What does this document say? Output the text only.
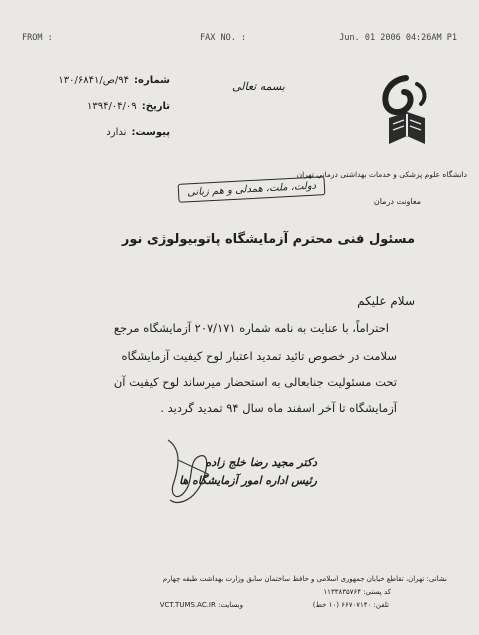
FROM :	FAX NO. :	Jun. 01 2006 04:26AM P1
شماره: ۹۴/ص/۱۳۰/۶۸۴۱
تاریخ: ۱۳۹۴/۰۴/۰۹
پیوست: ندارد
بسمه تعالی
دانشگاه علوم پزشکی و خدمات بهداشتی درمانی تهران
معاونت درمان
دولت، ملت، همدلی و هم زبانی
مسئول فنی محترم آزمایشگاه پاتوبیولوژی نور
سلام علیکم
احتراماً، با عنایت به نامه شماره ۲۰۷/۱۷۱ آزمایشگاه مرجع
سلامت در خصوص تائید تمدید اعتبار لوح کیفیت آزمایشگاه
تحت مسئولیت جنابعالی به استحضار میرساند لوح کیفیت آن
آزمایشگاه تا آخر اسفند ماه سال ۹۴ تمدید گردید .
دکتر مجید رضا خلج زاده
رئیس اداره امور آزمایشگاه ها
نشانی: تهران، تقاطع خیابان جمهوری اسلامی و حافظ ساختمان سابق وزارت بهداشت طبقه چهارم
کد پستی: ۱۱۳۳۸۳۵۷۶۴
تلفن: ۶۶۷۰۷۱۴۰ (۱۰ خط)
وبسایت: VCT.TUMS.AC.IR
